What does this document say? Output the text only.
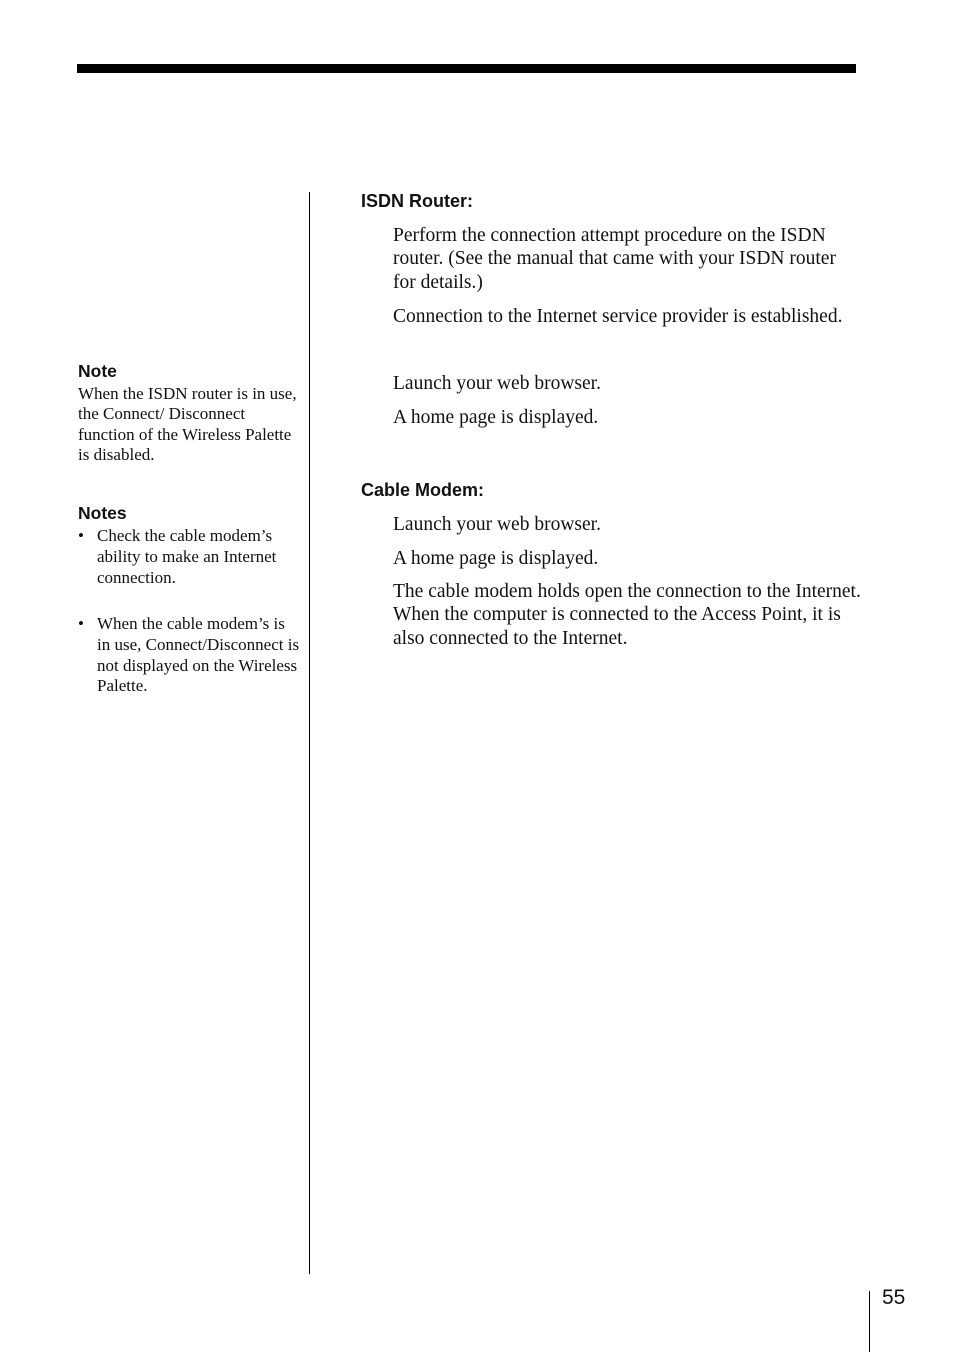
Note
When the ISDN router is in use, the Connect/ Disconnect function of the Wireless Palette is disabled.
Notes
• Check the cable modem’s ability to make an Internet connection.
• When the cable modem’s is in use, Connect/Disconnect is not displayed on the Wireless Palette.
ISDN Router:
Perform the connection attempt procedure on the ISDN router. (See the manual that came with your ISDN router for details.)
Connection to the Internet service provider is established.
Launch your web browser.
A home page is displayed.
Cable Modem:
Launch your web browser.
A home page is displayed.
The cable modem holds open the connection to the Internet. When the computer is connected to the Access Point, it is also connected to the Internet.
55
